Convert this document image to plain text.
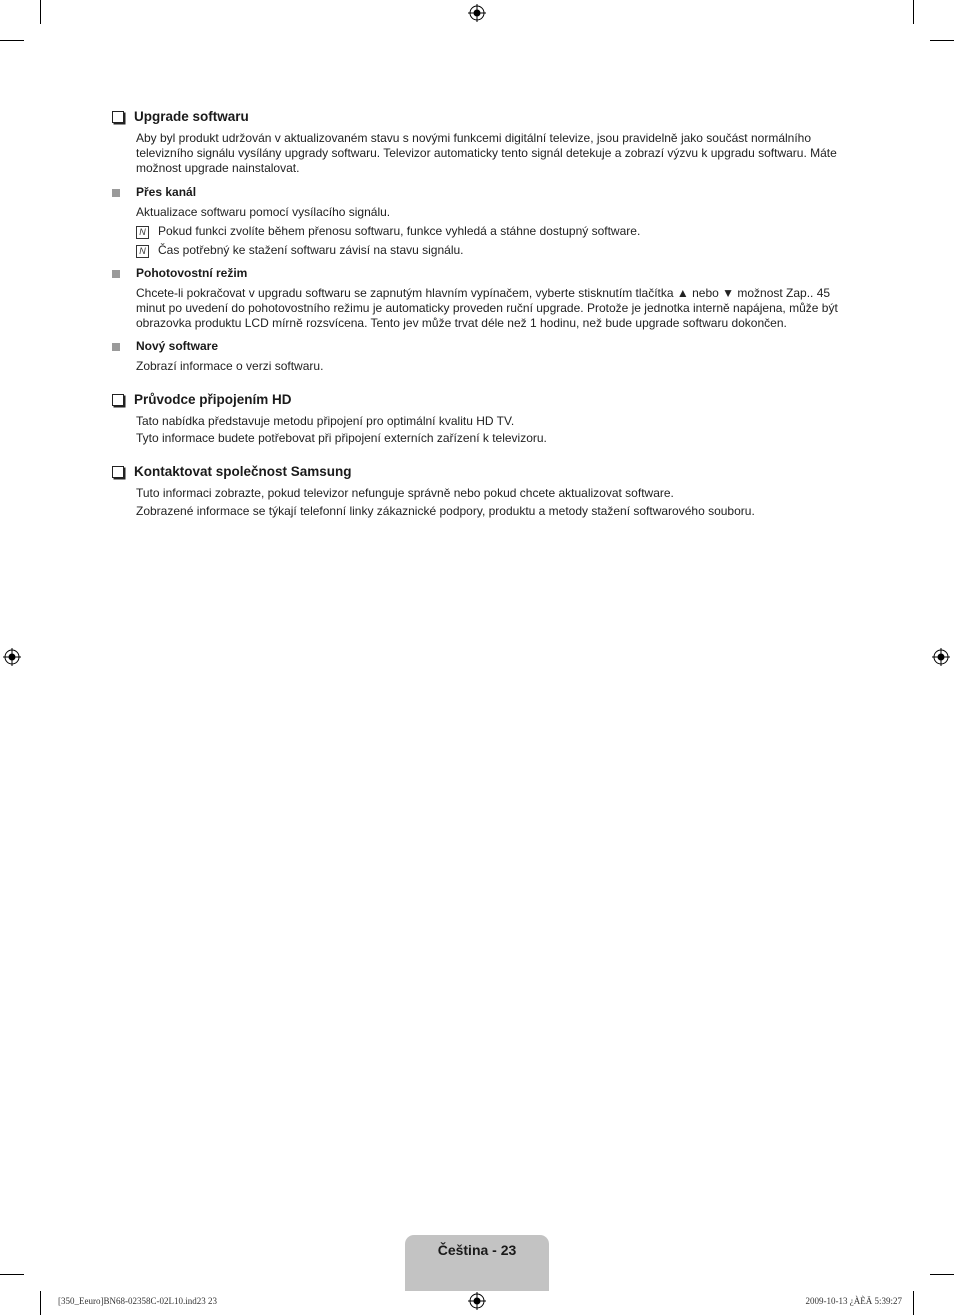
Upgrade softwaru
Aby byl produkt udržován v aktualizovaném stavu s novými funkcemi digitální televize, jsou pravidelně jako součást normálního televizního signálu vysílány upgrady softwaru. Televizor automaticky tento signál detekuje a zobrazí výzvu k upgradu softwaru. Máte možnost upgrade nainstalovat.
Přes kanál
Aktualizace softwaru pomocí vysílacího signálu.
N Pokud funkci zvolíte během přenosu softwaru, funkce vyhledá a stáhne dostupný software.
N Čas potřebný ke stažení softwaru závisí na stavu signálu.
Pohotovostní režim
Chcete-li pokračovat v upgradu softwaru se zapnutým hlavním vypínačem, vyberte stisknutím tlačítka ▲ nebo ▼ možnost Zap.. 45 minut po uvedení do pohotovostního režimu je automaticky proveden ruční upgrade. Protože je jednotka interně napájena, může být obrazovka produktu LCD mírně rozsvícena. Tento jev může trvat déle než 1 hodinu, než bude upgrade softwaru dokončen.
Nový software
Zobrazí informace o verzi softwaru.
Průvodce připojením HD
Tato nabídka představuje metodu připojení pro optimální kvalitu HD TV.
Tyto informace budete potřebovat při připojení externích zařízení k televizoru.
Kontaktovat společnost Samsung
Tuto informaci zobrazte, pokud televizor nefunguje správně nebo pokud chcete aktualizovat software.
Zobrazené informace se týkají telefonní linky zákaznické podpory, produktu a metody stažení softwarového souboru.
Čeština - 23
[350_Eeuro]BN68-02358C-02L10.ind23 23	2009-10-13 ¿ÀÈÄ 5:39:27
